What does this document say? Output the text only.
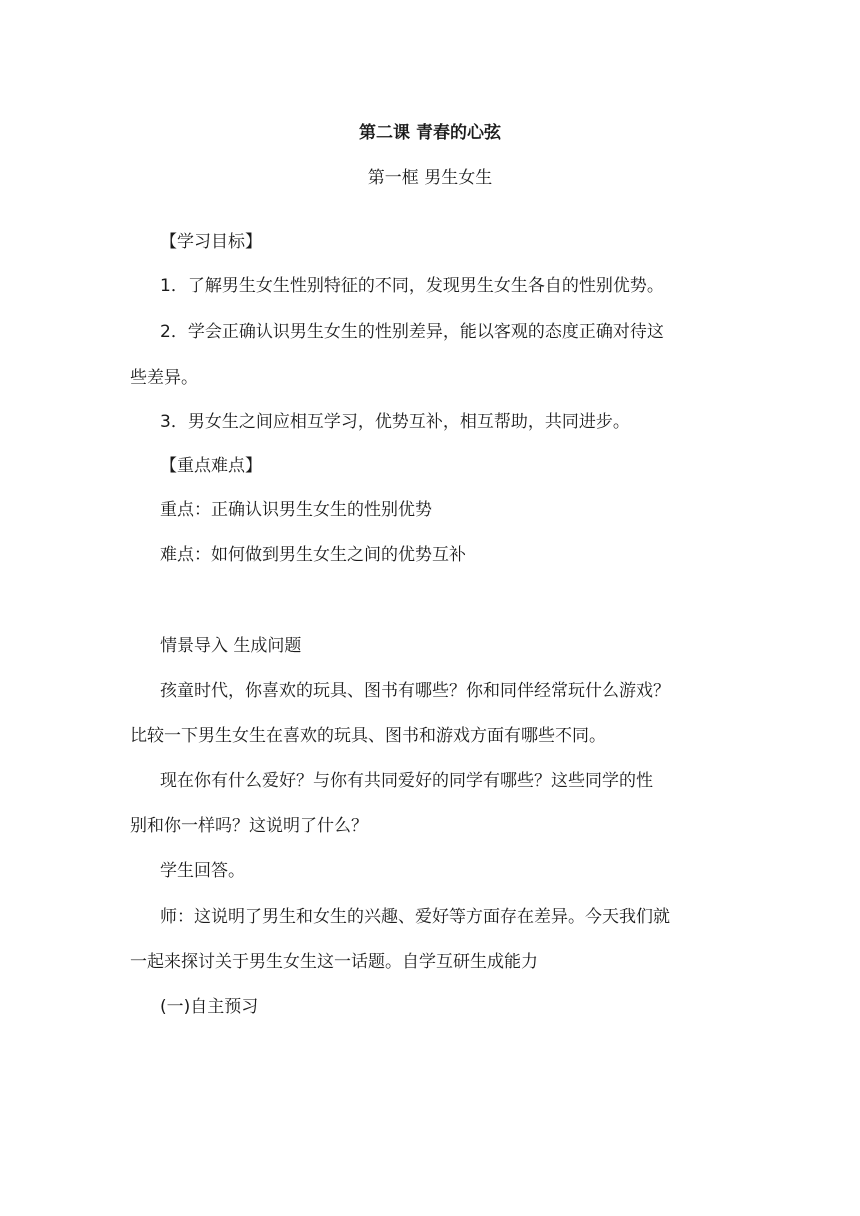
第二课 青春的心弦
第一框 男生女生
【学习目标】
1．了解男生女生性别特征的不同，发现男生女生各自的性别优势。
2．学会正确认识男生女生的性别差异，能以客观的态度正确对待这
些差异。
3．男女生之间应相互学习，优势互补，相互帮助，共同进步。
【重点难点】
重点：正确认识男生女生的性别优势
难点：如何做到男生女生之间的优势互补
情景导入 生成问题
孩童时代，你喜欢的玩具、图书有哪些？你和同伴经常玩什么游戏？
比较一下男生女生在喜欢的玩具、图书和游戏方面有哪些不同。
现在你有什么爱好？与你有共同爱好的同学有哪些？这些同学的性
别和你一样吗？这说明了什么？
学生回答。
师：这说明了男生和女生的兴趣、爱好等方面存在差异。今天我们就
一起来探讨关于男生女生这一话题。自学互研生成能力
(一)自主预习
